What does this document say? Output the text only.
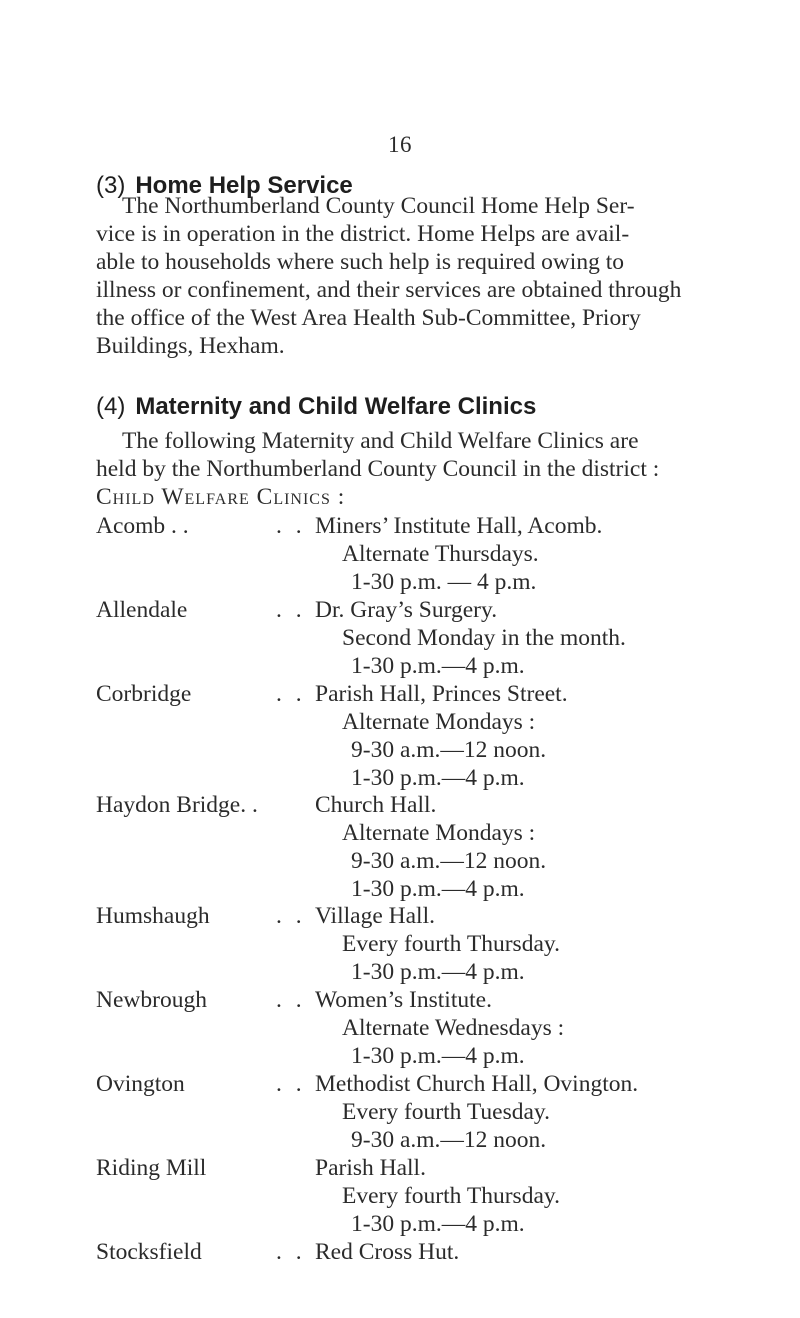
16
(3) Home Help Service
The Northumberland County Council Home Help Ser-
vice is in operation in the district. Home Helps are avail-
able to households where such help is required owing to
illness or confinement, and their services are obtained through
the office of the West Area Health Sub-Committee, Priory
Buildings, Hexham.
(4) Maternity and Child Welfare Clinics
The following Maternity and Child Welfare Clinics are
held by the Northumberland County Council in the district :
Child Welfare Clinics :
Acomb . .	. . Miners’ Institute Hall, Acomb.
Alternate Thursdays.
1-30 p.m. — 4 p.m.
Allendale	. . Dr. Gray’s Surgery.
Second Monday in the month.
1-30 p.m.—4 p.m.
Corbridge	. . Parish Hall, Princes Street.
Alternate Mondays :
9-30 a.m.—12 noon.
1-30 p.m.—4 p.m.
Haydon Bridge. . Church Hall.
Alternate Mondays :
9-30 a.m.—12 noon.
1-30 p.m.—4 p.m.
Humshaugh	. . Village Hall.
Every fourth Thursday.
1-30 p.m.—4 p.m.
Newbrough	. . Women’s Institute.
Alternate Wednesdays :
1-30 p.m.—4 p.m.
Ovington	. . Methodist Church Hall, Ovington.
Every fourth Tuesday.
9-30 a.m.—12 noon.
Riding Mill	Parish Hall.
Every fourth Thursday.
1-30 p.m.—4 p.m.
Stocksfield	. . Red Cross Hut.
